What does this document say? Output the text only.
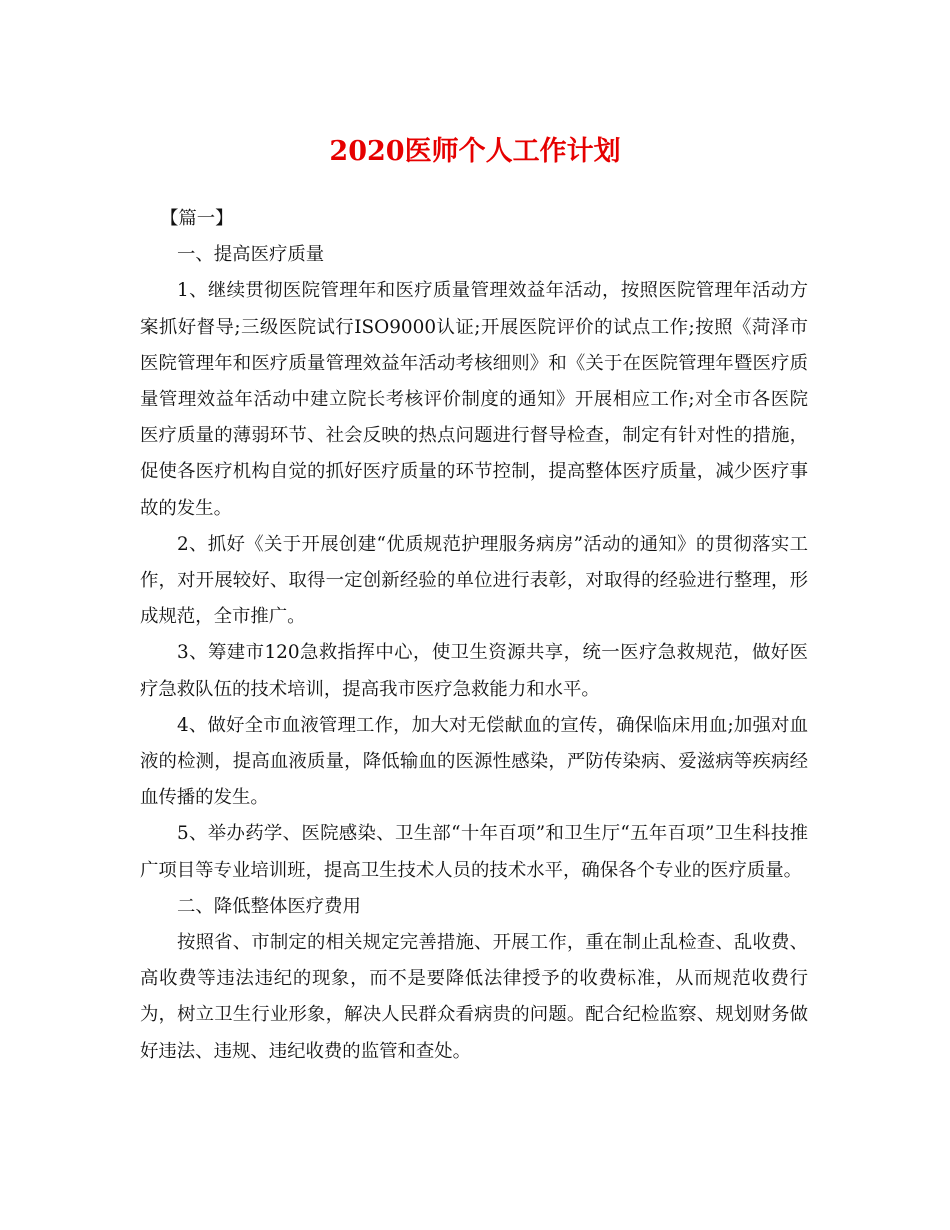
2020医师个人工作计划

【篇一】

一、提高医疗质量

1、继续贯彻医院管理年和医疗质量管理效益年活动，按照医院管理年活动方案抓好督导;三级医院试行ISO9000认证;开展医院评价的试点工作;按照《菏泽市医院管理年和医疗质量管理效益年活动考核细则》和《关于在医院管理年暨医疗质量管理效益年活动中建立院长考核评价制度的通知》开展相应工作;对全市各医院医疗质量的薄弱环节、社会反映的热点问题进行督导检查，制定有针对性的措施，促使各医疗机构自觉的抓好医疗质量的环节控制，提高整体医疗质量，减少医疗事故的发生。

2、抓好《关于开展创建“优质规范护理服务病房”活动的通知》的贯彻落实工作，对开展较好、取得一定创新经验的单位进行表彰，对取得的经验进行整理，形成规范，全市推广。

3、筹建市120急救指挥中心，使卫生资源共享，统一医疗急救规范，做好医疗急救队伍的技术培训，提高我市医疗急救能力和水平。

4、做好全市血液管理工作，加大对无偿献血的宣传，确保临床用血;加强对血液的检测，提高血液质量，降低输血的医源性感染，严防传染病、爱滋病等疾病经血传播的发生。

5、举办药学、医院感染、卫生部“十年百项”和卫生厅“五年百项”卫生科技推广项目等专业培训班，提高卫生技术人员的技术水平，确保各个专业的医疗质量。

二、降低整体医疗费用

按照省、市制定的相关规定完善措施、开展工作，重在制止乱检查、乱收费、高收费等违法违纪的现象，而不是要降低法律授予的收费标准，从而规范收费行为，树立卫生行业形象，解决人民群众看病贵的问题。配合纪检监察、规划财务做好违法、违规、违纪收费的监管和查处。
